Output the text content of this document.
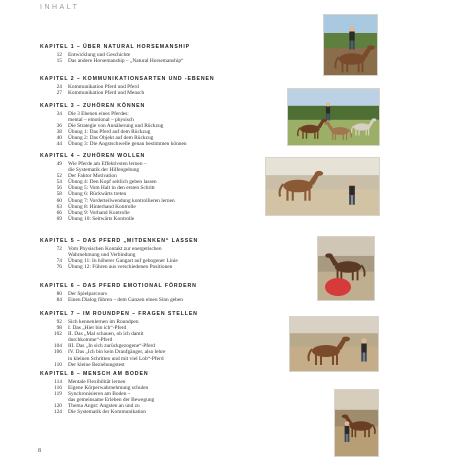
INHALT
KAPITEL 1 – ÜBER NATURAL HORSEMANSHIP
12	Entwicklung und Geschichte
15	Das andere Horsemanship – „Natural Horsemanship“
KAPITEL 2 – KOMMUNIKATIONSARTEN UND -EBENEN
24	Kommunikation Pferd und Pferd
27	Kommunikation Pferd und Mensch
KAPITEL 3 – ZUHÖREN KÖNNEN
34	Die 3 Ebenen eines Pferdes:
mental – emotional – physisch
36	Die Strategie von Annäherung und Rückzug
38	Übung 1: Das Pferd auf dem Rückzug
40	Übung 2: Das Objekt auf dem Rückzug
44	Übung 3: Die Angstschwelle genau bestimmen können
KAPITEL 4 – ZUHÖREN WOLLEN
49	Wie Pferde am Effektivsten lernen –
die Systematik der Hilfengebung
52	Der Faktor Motivation
54	Übung 4: Den Kopf seitlich geben lassen
56	Übung 5: Vom Halt in den ersten Schritt
58	Übung 6: Rückwärts treten
60	Übung 7: Vorderteilwendung kontrollieren lernen
63	Übung 8: Hinterhand Kontrolle
66	Übung 9: Vorhand Kontrolle
69	Übung 10: Seitwärts Kontrolle
KAPITEL 5 – DAS PFERD „MITDENKEN“ LASSEN
72	Vom Physischen Kontakt zur energetischen
Wahrnehmung und Verbindung
74	Übung 11: In höherer Gangart auf gebogener Linie
76	Übung 12: Führen aus verschiedenen Positionen
KAPITEL 6 – DAS PFERD EMOTIONAL FÖRDERN
80	Der Spielparcours
84	Einen Dialog führen – dem Ganzen einen Sinn geben
KAPITEL 7 – IM ROUNDPEN – FRAGEN STELLEN
92	Sich kennenlernen im Roundpen
98	I. Das „Hier bin ich“-Pferd
102	II. Das „Mal schauen, ob ich damit
durchkomme“-Pferd
104	III. Das „In sich zurückgezogene“-Pferd
106	IV. Das „Ich bin kein Draufgänger, also lehre
in kleinen Schritten und mit viel Lob“-Pferd
110	Der kleine Beziehungstest
KAPITEL 8 – MENSCH AM BODEN
114	Mentale Flexibilität lernen
116	Eigene Körperwahrnehmung schulen
119	Synchronisieren am Boden –
das gemeinsame Erleben der Bewegung
120	Thema Angst: Angsten an und zu
124	Die Systematik der Kommunikation
8
